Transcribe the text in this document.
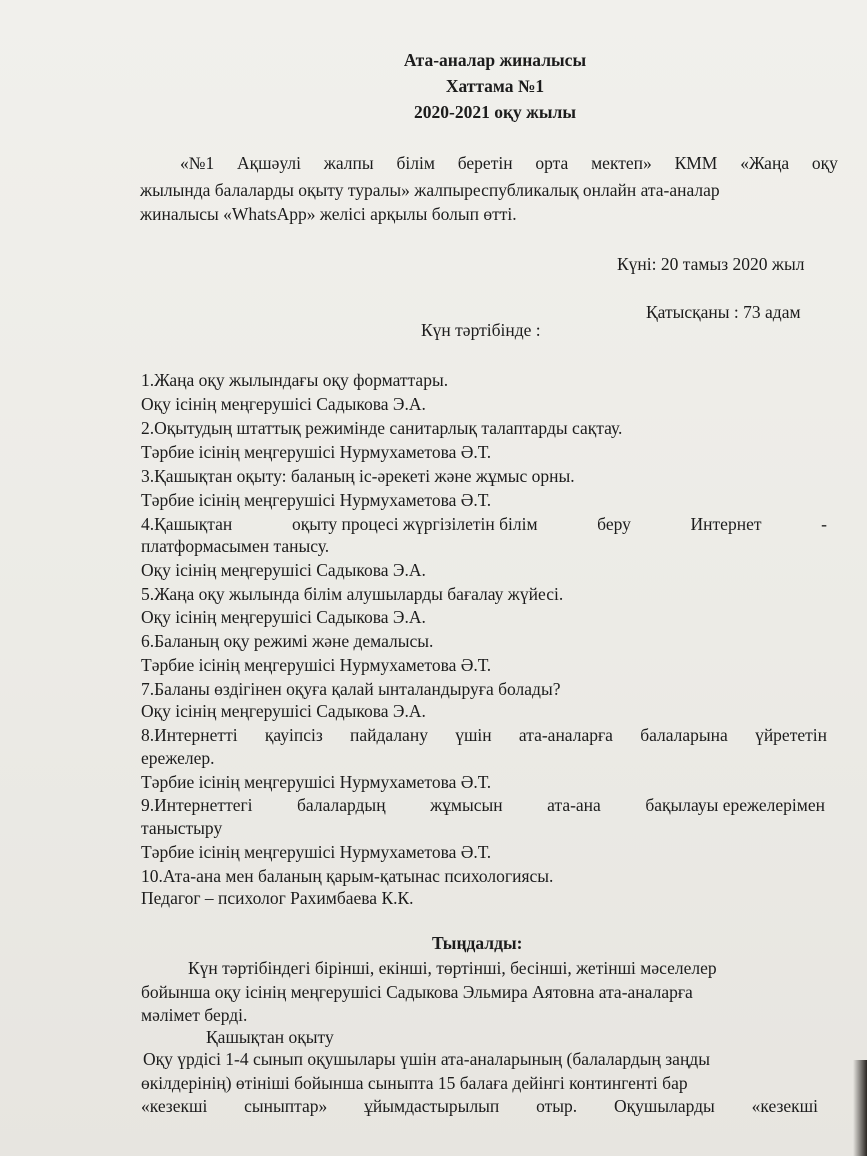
Ата-аналар жиналысы
Хаттама №1
2020-2021 оқу жылы
«№1 Ақшәулі жалпы білім беретін орта мектеп» КММ «Жаңа оқу
жылында балаларды оқыту туралы» жалпыреспубликалық онлайн ата-аналар
жиналысы «WhatsApp» желісі арқылы болып өтті.
Күні: 20 тамыз 2020 жыл
Қатысқаны : 73 адам
Күн тәртібінде :
1.Жаңа оқу жылындағы оқу форматтары.
Оқу ісінің меңгерушісі Садыкова Э.А.
2.Оқытудың штаттық режимінде санитарлық талаптарды сақтау.
Тәрбие ісінің меңгерушісі Нурмухаметова Ә.Т.
3.Қашықтан оқыту: баланың іс-әрекеті және жұмыс орны.
Тәрбие ісінің меңгерушісі Нурмухаметова Ә.Т.
4.Қашықтан	оқыту процесі жүргізілетін білім	беру	Интернет	-
платформасымен танысу.
Оқу ісінің меңгерушісі Садыкова Э.А.
5.Жаңа оқу жылында білім алушыларды бағалау жүйесі.
Оқу ісінің меңгерушісі Садыкова Э.А.
6.Баланың оқу режимі және демалысы.
Тәрбие ісінің меңгерушісі Нурмухаметова Ә.Т.
7.Баланы өздігінен оқуға қалай ынталандыруға болады?
Оқу ісінің меңгерушісі Садыкова Э.А.
8.Интернетті қауіпсіз пайдалану үшін ата-аналарға балаларына үйрететін
ережелер.
Тәрбие ісінің меңгерушісі Нурмухаметова Ә.Т.
9.Интернеттегі	балалардың	жұмысын	ата-ана	бақылауы ережелерімен
таныстыру
Тәрбие ісінің меңгерушісі Нурмухаметова Ә.Т.
10.Ата-ана мен баланың қарым-қатынас психологиясы.
Педагог – психолог Рахимбаева К.К.
Тыңдалды:
Күн тәртібіндегі бірінші, екінші, төртінші, бесінші, жетінші мәселелер
бойынша оқу ісінің меңгерушісі Садыкова Эльмира Аятовна ата-аналарға
мәлімет берді.
Қашықтан оқыту
Оқу үрдісі 1-4 сынып оқушылары үшін ата-аналарының (балалардың заңды
өкілдерінің) өтініші бойынша сыныпта 15 балаға дейінгі контингенті бар
«кезекші сыныптар» ұйымдастырылып отыр. Оқушыларды «кезекші
